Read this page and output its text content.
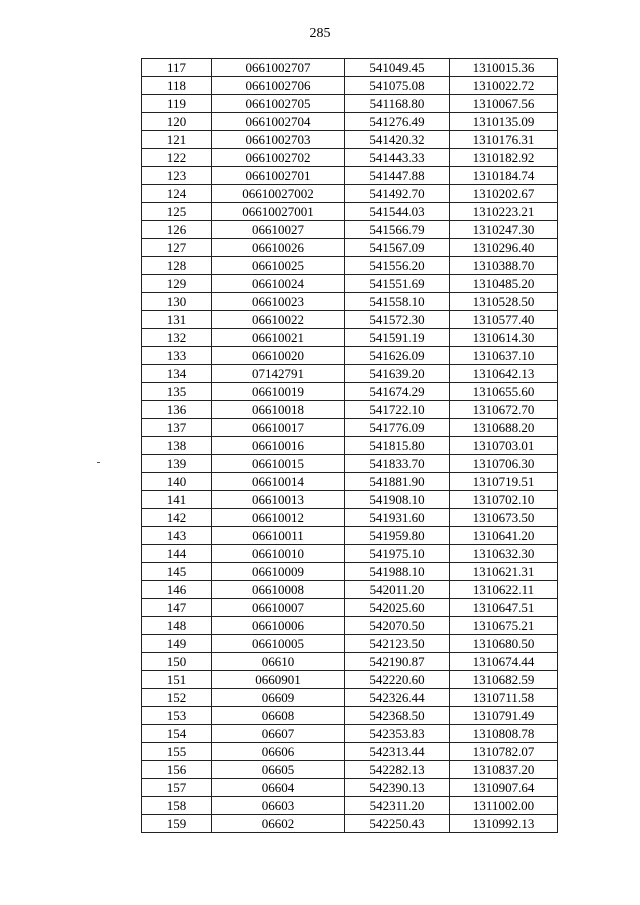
285
117	0661002707	541049.45	1310015.36
118	0661002706	541075.08	1310022.72
119	0661002705	541168.80	1310067.56
120	0661002704	541276.49	1310135.09
121	0661002703	541420.32	1310176.31
122	0661002702	541443.33	1310182.92
123	0661002701	541447.88	1310184.74
124	06610027002	541492.70	1310202.67
125	06610027001	541544.03	1310223.21
126	06610027	541566.79	1310247.30
127	06610026	541567.09	1310296.40
128	06610025	541556.20	1310388.70
129	06610024	541551.69	1310485.20
130	06610023	541558.10	1310528.50
131	06610022	541572.30	1310577.40
132	06610021	541591.19	1310614.30
133	06610020	541626.09	1310637.10
134	07142791	541639.20	1310642.13
135	06610019	541674.29	1310655.60
136	06610018	541722.10	1310672.70
137	06610017	541776.09	1310688.20
138	06610016	541815.80	1310703.01
139	06610015	541833.70	1310706.30
140	06610014	541881.90	1310719.51
141	06610013	541908.10	1310702.10
142	06610012	541931.60	1310673.50
143	06610011	541959.80	1310641.20
144	06610010	541975.10	1310632.30
145	06610009	541988.10	1310621.31
146	06610008	542011.20	1310622.11
147	06610007	542025.60	1310647.51
148	06610006	542070.50	1310675.21
149	06610005	542123.50	1310680.50
150	06610	542190.87	1310674.44
151	0660901	542220.60	1310682.59
152	06609	542326.44	1310711.58
153	06608	542368.50	1310791.49
154	06607	542353.83	1310808.78
155	06606	542313.44	1310782.07
156	06605	542282.13	1310837.20
157	06604	542390.13	1310907.64
158	06603	542311.20	1311002.00
159	06602	542250.43	1310992.13
